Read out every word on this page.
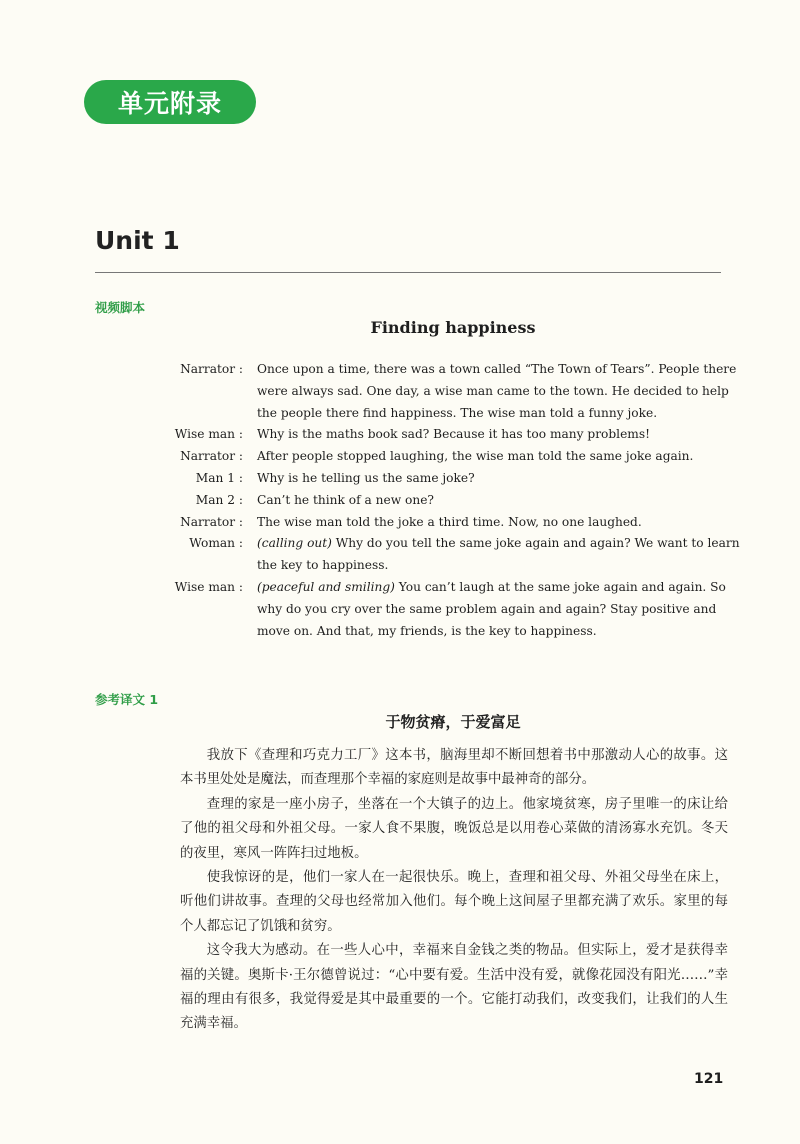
单元附录
Unit 1
视频脚本
Finding happiness
Narrator :	Once upon a time, there was a town called “The Town of Tears”. People there were always sad. One day, a wise man came to the town. He decided to help the people there find happiness. The wise man told a funny joke.
Wise man :	Why is the maths book sad? Because it has too many problems!
Narrator :	After people stopped laughing, the wise man told the same joke again.
Man 1 :	Why is he telling us the same joke?
Man 2 :	Can’t he think of a new one?
Narrator :	The wise man told the joke a third time. Now, no one laughed.
Woman :	(calling out) Why do you tell the same joke again and again? We want to learn the key to happiness.
Wise man :	(peaceful and smiling) You can’t laugh at the same joke again and again. So why do you cry over the same problem again and again? Stay positive and move on. And that, my friends, is the key to happiness.
参考译文 1
于物贫瘠，于爱富足

我放下《查理和巧克力工厂》这本书，脑海里却不断回想着书中那激动人心的故事。这本书里处处是魔法，而查理那个幸福的家庭则是故事中最神奇的部分。

查理的家是一座小房子，坐落在一个大镇子的边上。他家境贫寒，房子里唯一的床让给了他的祖父母和外祖父母。一家人食不果腹，晚饭总是以用卷心菜做的清汤寡水充饥。冬天的夜里，寒风一阵阵扫过地板。

使我惊讶的是，他们一家人在一起很快乐。晚上，查理和祖父母、外祖父母坐在床上，听他们讲故事。查理的父母也经常加入他们。每个晚上这间屋子里都充满了欢乐。家里的每个人都忘记了饥饿和贫穷。

这令我大为感动。在一些人心中，幸福来自金钱之类的物品。但实际上，爱才是获得幸福的关键。奥斯卡·王尔德曾说过：“心中要有爱。生活中没有爱，就像花园没有阳光……”幸福的理由有很多，我觉得爱是其中最重要的一个。它能打动我们，改变我们，让我们的人生充满幸福。

121
